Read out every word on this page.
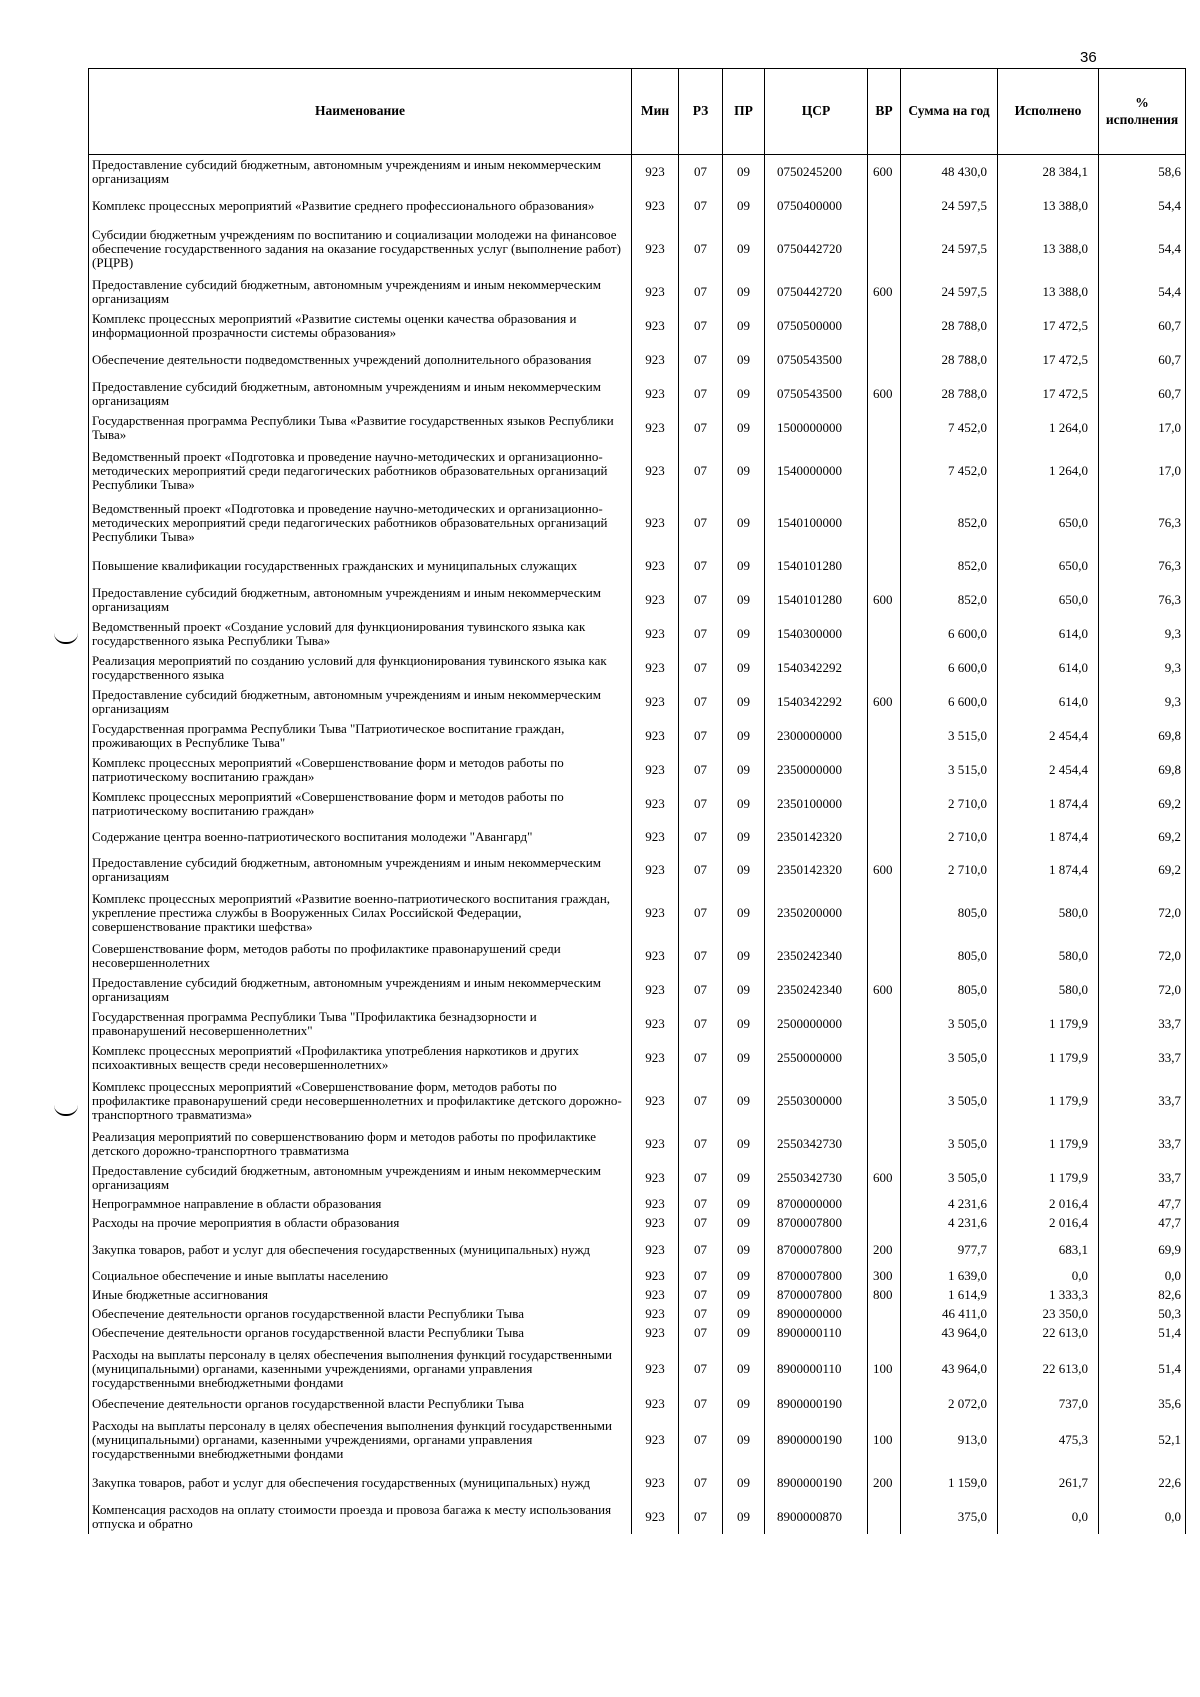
36
Наименование	Мин	РЗ	ПР	ЦСР	ВР	Сумма на год	Исполнено	% исполнения
Предоставление субсидий бюджетным, автономным учреждениям и иным некоммерческим организациям	923	07	09	0750245200	600	48 430,0	28 384,1	58,6
Комплекс процессных мероприятий «Развитие среднего профессионального образования»	923	07	09	0750400000		24 597,5	13 388,0	54,4
Субсидии бюджетным учреждениям по воспитанию и социализации молодежи на финансовое обеспечение государственного задания на оказание государственных услуг (выполнение работ) (РЦРВ)	923	07	09	0750442720		24 597,5	13 388,0	54,4
Предоставление субсидий бюджетным, автономным учреждениям и иным некоммерческим организациям	923	07	09	0750442720	600	24 597,5	13 388,0	54,4
Комплекс процессных мероприятий «Развитие системы оценки качества образования и информационной прозрачности системы образования»	923	07	09	0750500000		28 788,0	17 472,5	60,7
Обеспечение деятельности подведомственных учреждений дополнительного образования	923	07	09	0750543500		28 788,0	17 472,5	60,7
Предоставление субсидий бюджетным, автономным учреждениям и иным некоммерческим организациям	923	07	09	0750543500	600	28 788,0	17 472,5	60,7
Государственная программа Республики Тыва «Развитие государственных языков Республики Тыва»	923	07	09	1500000000		7 452,0	1 264,0	17,0
Ведомственный проект «Подготовка и проведение научно-методических и организационно-методических мероприятий среди педагогических работников образовательных организаций Республики Тыва»	923	07	09	1540000000		7 452,0	1 264,0	17,0
Ведомственный проект «Подготовка и проведение научно-методических и организационно-методических мероприятий среди педагогических работников образовательных организаций Республики Тыва»	923	07	09	1540100000		852,0	650,0	76,3
Повышение квалификации государственных гражданских и муниципальных служащих	923	07	09	1540101280		852,0	650,0	76,3
Предоставление субсидий бюджетным, автономным учреждениям и иным некоммерческим организациям	923	07	09	1540101280	600	852,0	650,0	76,3
Ведомственный проект «Создание условий для функционирования тувинского языка как государственного языка Республики Тыва»	923	07	09	1540300000		6 600,0	614,0	9,3
Реализация мероприятий по созданию условий для функционирования тувинского языка как государственного языка	923	07	09	1540342292		6 600,0	614,0	9,3
Предоставление субсидий бюджетным, автономным учреждениям и иным некоммерческим организациям	923	07	09	1540342292	600	6 600,0	614,0	9,3
Государственная программа Республики Тыва "Патриотическое воспитание граждан, проживающих в Республике Тыва"	923	07	09	2300000000		3 515,0	2 454,4	69,8
Комплекс процессных мероприятий «Совершенствование форм и методов работы по патриотическому воспитанию граждан»	923	07	09	2350000000		3 515,0	2 454,4	69,8
Комплекс процессных мероприятий «Совершенствование форм и методов работы по патриотическому воспитанию граждан»	923	07	09	2350100000		2 710,0	1 874,4	69,2
Содержание центра военно-патриотического воспитания молодежи "Авангард"	923	07	09	2350142320		2 710,0	1 874,4	69,2
Предоставление субсидий бюджетным, автономным учреждениям и иным некоммерческим организациям	923	07	09	2350142320	600	2 710,0	1 874,4	69,2
Комплекс процессных мероприятий «Развитие военно-патриотического воспитания граждан, укрепление престижа службы в Вооруженных Силах Российской Федерации, совершенствование практики шефства»	923	07	09	2350200000		805,0	580,0	72,0
Совершенствование форм, методов работы по профилактике правонарушений среди несовершеннолетних	923	07	09	2350242340		805,0	580,0	72,0
Предоставление субсидий бюджетным, автономным учреждениям и иным некоммерческим организациям	923	07	09	2350242340	600	805,0	580,0	72,0
Государственная программа Республики Тыва "Профилактика безнадзорности и правонарушений несовершеннолетних"	923	07	09	2500000000		3 505,0	1 179,9	33,7
Комплекс процессных мероприятий «Профилактика употребления наркотиков и других психоактивных веществ среди несовершеннолетних»	923	07	09	2550000000		3 505,0	1 179,9	33,7
Комплекс процессных мероприятий «Совершенствование форм, методов работы по профилактике правонарушений среди несовершеннолетних и профилактике детского дорожно-транспортного травматизма»	923	07	09	2550300000		3 505,0	1 179,9	33,7
Реализация мероприятий по совершенствованию форм и методов работы по профилактике детского дорожно-транспортного травматизма	923	07	09	2550342730		3 505,0	1 179,9	33,7
Предоставление субсидий бюджетным, автономным учреждениям и иным некоммерческим организациям	923	07	09	2550342730	600	3 505,0	1 179,9	33,7
Непрограммное направление в области образования	923	07	09	8700000000		4 231,6	2 016,4	47,7
Расходы на прочие мероприятия в области образования	923	07	09	8700007800		4 231,6	2 016,4	47,7
Закупка товаров, работ и услуг для обеспечения государственных (муниципальных) нужд	923	07	09	8700007800	200	977,7	683,1	69,9
Социальное обеспечение и иные выплаты населению	923	07	09	8700007800	300	1 639,0	0,0	0,0
Иные бюджетные ассигнования	923	07	09	8700007800	800	1 614,9	1 333,3	82,6
Обеспечение деятельности органов государственной власти Республики Тыва	923	07	09	8900000000		46 411,0	23 350,0	50,3
Обеспечение деятельности органов государственной власти Республики Тыва	923	07	09	8900000110		43 964,0	22 613,0	51,4
Расходы на выплаты персоналу в целях обеспечения выполнения функций государственными (муниципальными) органами, казенными учреждениями, органами управления государственными внебюджетными фондами	923	07	09	8900000110	100	43 964,0	22 613,0	51,4
Обеспечение деятельности органов государственной власти Республики Тыва	923	07	09	8900000190		2 072,0	737,0	35,6
Расходы на выплаты персоналу в целях обеспечения выполнения функций государственными (муниципальными) органами, казенными учреждениями, органами управления государственными внебюджетными фондами	923	07	09	8900000190	100	913,0	475,3	52,1
Закупка товаров, работ и услуг для обеспечения государственных (муниципальных) нужд	923	07	09	8900000190	200	1 159,0	261,7	22,6
Компенсация расходов на оплату стоимости проезда и провоза багажа к месту использования отпуска и обратно	923	07	09	8900000870		375,0	0,0	0,0
